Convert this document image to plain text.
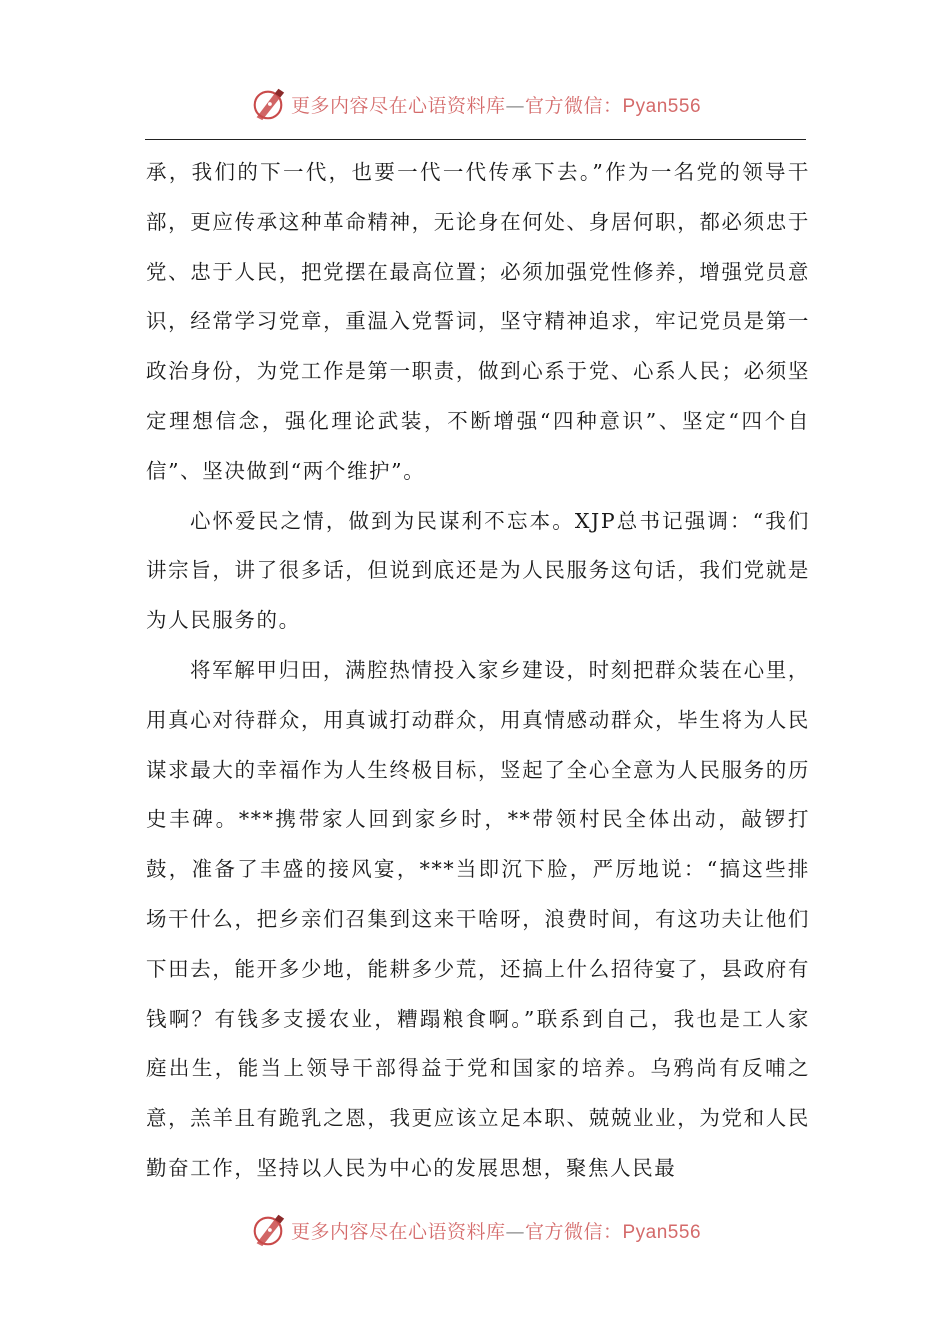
更多内容尽在心语资料库—官方微信：Pyan556

承，我们的下一代，也要一代一代传承下去。”作为一名党的领导干部，更应传承这种革命精神，无论身在何处、身居何职，都必须忠于党、忠于人民，把党摆在最高位置；必须加强党性修养，增强党员意识，经常学习党章，重温入党誓词，坚守精神追求，牢记党员是第一政治身份，为党工作是第一职责，做到心系于党、心系人民；必须坚定理想信念，强化理论武装，不断增强“四种意识”、坚定“四个自信”、坚决做到“两个维护”。

心怀爱民之情，做到为民谋利不忘本。XJP总书记强调：“我们讲宗旨，讲了很多话，但说到底还是为人民服务这句话，我们党就是为人民服务的。

将军解甲归田，满腔热情投入家乡建设，时刻把群众装在心里，用真心对待群众，用真诚打动群众，用真情感动群众，毕生将为人民谋求最大的幸福作为人生终极目标，竖起了全心全意为人民服务的历史丰碑。***携带家人回到家乡时，**带领村民全体出动，敲锣打鼓，准备了丰盛的接风宴，***当即沉下脸，严厉地说：“搞这些排场干什么，把乡亲们召集到这来干啥呀，浪费时间，有这功夫让他们下田去，能开多少地，能耕多少荒，还搞上什么招待宴了，县政府有钱啊？有钱多支援农业，糟蹋粮食啊。”联系到自己，我也是工人家庭出生，能当上领导干部得益于党和国家的培养。乌鸦尚有反哺之意，羔羊且有跪乳之恩，我更应该立足本职、兢兢业业，为党和人民勤奋工作，坚持以人民为中心的发展思想，聚焦人民最

更多内容尽在心语资料库—官方微信：Pyan556
